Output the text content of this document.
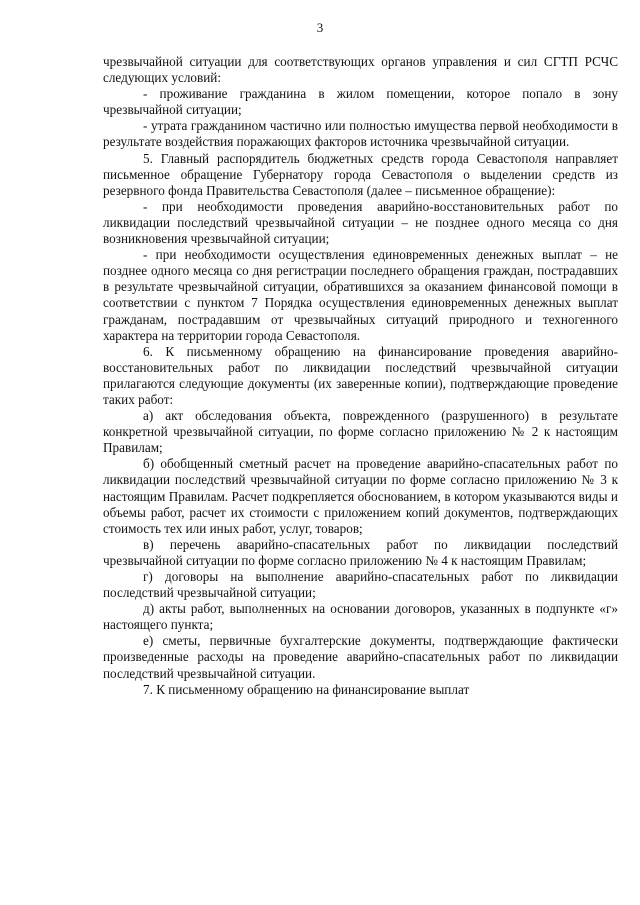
3

чрезвычайной ситуации для соответствующих органов управления и сил СГТП РСЧС следующих условий:

- проживание гражданина в жилом помещении, которое попало в зону чрезвычайной ситуации;

- утрата гражданином частично или полностью имущества первой необходимости в результате воздействия поражающих факторов источника чрезвычайной ситуации.

5. Главный распорядитель бюджетных средств города Севастополя направляет письменное обращение Губернатору города Севастополя о выделении средств из резервного фонда Правительства Севастополя (далее – письменное обращение):

- при необходимости проведения аварийно-восстановительных работ по ликвидации последствий чрезвычайной ситуации – не позднее одного месяца со дня возникновения чрезвычайной ситуации;

- при необходимости осуществления единовременных денежных выплат – не позднее одного месяца со дня регистрации последнего обращения граждан, пострадавших в результате чрезвычайной ситуации, обратившихся за оказанием финансовой помощи в соответствии с пунктом 7 Порядка осуществления единовременных денежных выплат гражданам, пострадавшим от чрезвычайных ситуаций природного и техногенного характера на территории города Севастополя.

6. К письменному обращению на финансирование проведения аварийно-восстановительных работ по ликвидации последствий чрезвычайной ситуации прилагаются следующие документы (их заверенные копии), подтверждающие проведение таких работ:

а) акт обследования объекта, поврежденного (разрушенного) в результате конкретной чрезвычайной ситуации, по форме согласно приложению № 2 к настоящим Правилам;

б) обобщенный сметный расчет на проведение аварийно-спасательных работ по ликвидации последствий чрезвычайной ситуации по форме согласно приложению № 3 к настоящим Правилам. Расчет подкрепляется обоснованием, в котором указываются виды и объемы работ, расчет их стоимости с приложением копий документов, подтверждающих стоимость тех или иных работ, услуг, товаров;

в) перечень аварийно-спасательных работ по ликвидации последствий чрезвычайной ситуации по форме согласно приложению № 4 к настоящим Правилам;

г) договоры на выполнение аварийно-спасательных работ по ликвидации последствий чрезвычайной ситуации;

д) акты работ, выполненных на основании договоров, указанных в подпункте «г» настоящего пункта;

е) сметы, первичные бухгалтерские документы, подтверждающие фактически произведенные расходы на проведение аварийно-спасательных работ по ликвидации последствий чрезвычайной ситуации.

7. К письменному обращению на финансирование выплат
